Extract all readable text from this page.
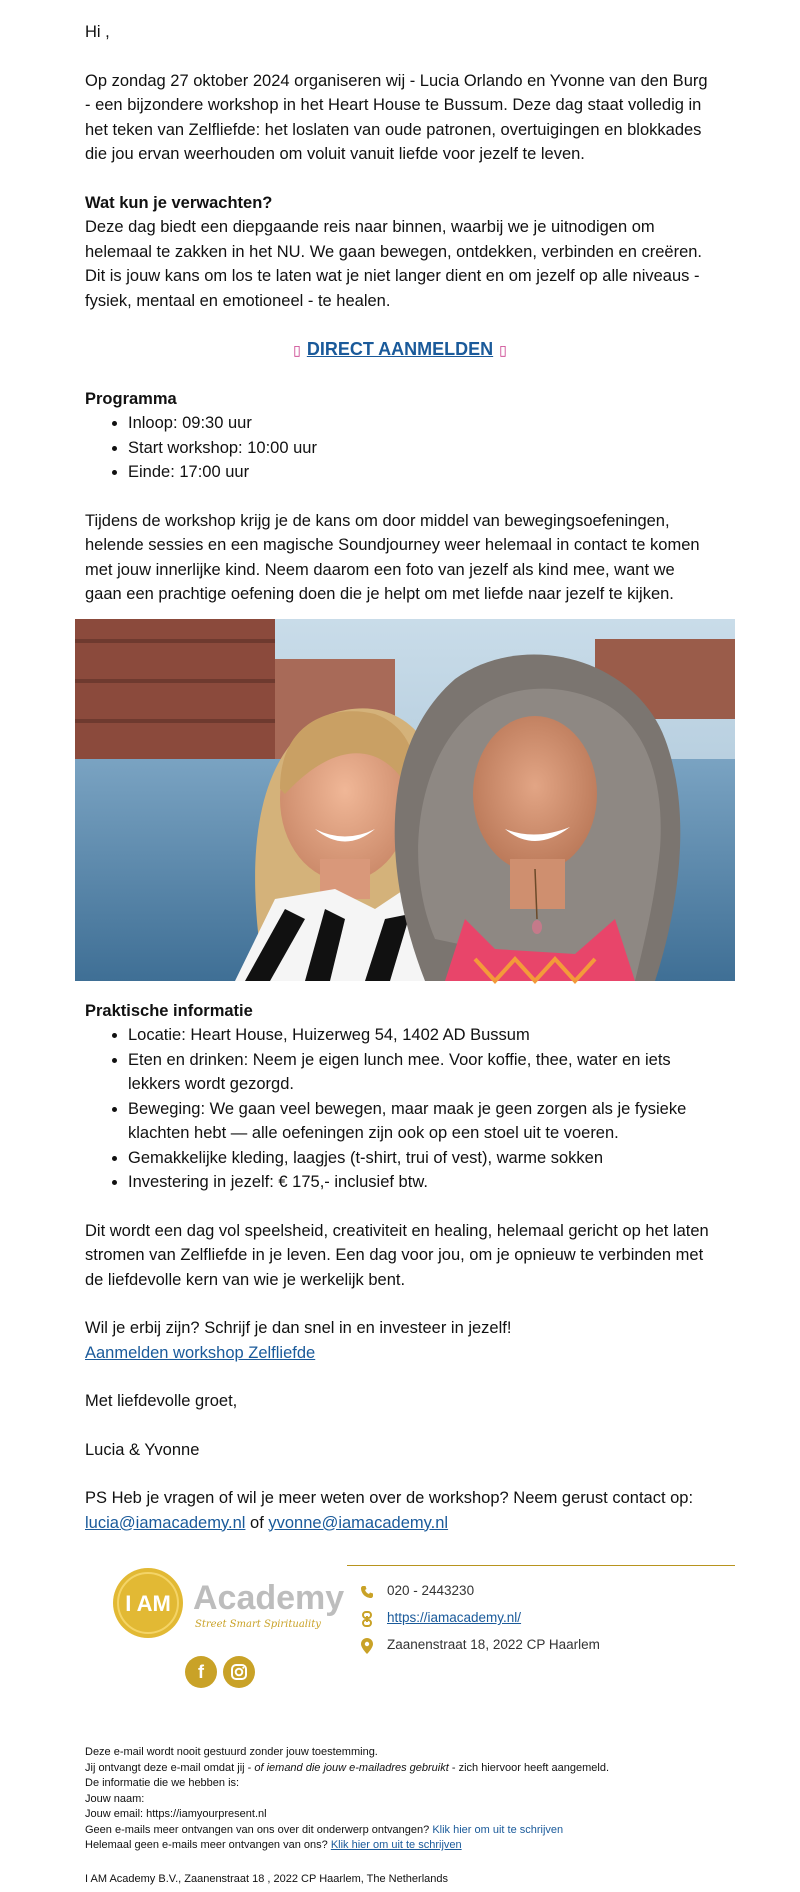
Hi ,

Op zondag 27 oktober 2024 organiseren wij - Lucia Orlando en Yvonne van den Burg - een bijzondere workshop in het Heart House te Bussum. Deze dag staat volledig in het teken van Zelfliefde: het loslaten van oude patronen, overtuigingen en blokkades die jou ervan weerhouden om voluit vanuit liefde voor jezelf te leven.

Wat kun je verwachten?

Deze dag biedt een diepgaande reis naar binnen, waarbij we je uitnodigen om helemaal te zakken in het NU. We gaan bewegen, ontdekken, verbinden en creëren. Dit is jouw kans om los te laten wat je niet langer dient en om jezelf op alle niveaus - fysiek, mentaal en emotioneel - te healen.

▯ DIRECT AANMELDEN ▯

Programma

• Inloop: 09:30 uur
• Start workshop: 10:00 uur
• Einde: 17:00 uur

Tijdens de workshop krijg je de kans om door middel van bewegingsoefeningen, helende sessies en een magische Soundjourney weer helemaal in contact te komen met jouw innerlijke kind. Neem daarom een foto van jezelf als kind mee, want we gaan een prachtige oefening doen die je helpt om met liefde naar jezelf te kijken.

Praktische informatie

• Locatie: Heart House, Huizerweg 54, 1402 AD Bussum
• Eten en drinken: Neem je eigen lunch mee. Voor koffie, thee, water en iets lekkers wordt gezorgd.
• Beweging: We gaan veel bewegen, maar maak je geen zorgen als je fysieke klachten hebt — alle oefeningen zijn ook op een stoel uit te voeren.
• Gemakkelijke kleding, laagjes (t-shirt, trui of vest), warme sokken
• Investering in jezelf: € 175,- inclusief btw.

Dit wordt een dag vol speelsheid, creativiteit en healing, helemaal gericht op het laten stromen van Zelfliefde in je leven. Een dag voor jou, om je opnieuw te verbinden met de liefdevolle kern van wie je werkelijk bent.

Wil je erbij zijn? Schrijf je dan snel in en investeer in jezelf!

Aanmelden workshop Zelfliefde

Met liefdevolle groet,

Lucia & Yvonne

PS Heb je vragen of wil je meer weten over de workshop? Neem gerust contact op:
lucia@iamacademy.nl of yvonne@iamacademy.nl

I AM Academy
Street Smart Spirituality
f
020 - 2443230
https://iamacademy.nl/
Zaanenstraat 18, 2022 CP Haarlem
Deze e-mail wordt nooit gestuurd zonder jouw toestemming.
Jij ontvangt deze e-mail omdat jij - of iemand die jouw e-mailadres gebruikt - zich hiervoor heeft aangemeld.
De informatie die we hebben is:
Jouw naam:
Jouw email: https://iamyourpresent.nl
Geen e-mails meer ontvangen van ons over dit onderwerp ontvangen? Klik hier om uit te schrijven
Helemaal geen e-mails meer ontvangen van ons? Klik hier om uit te schrijven
I AM Academy B.V., Zaanenstraat 18 , 2022 CP Haarlem, The Netherlands
